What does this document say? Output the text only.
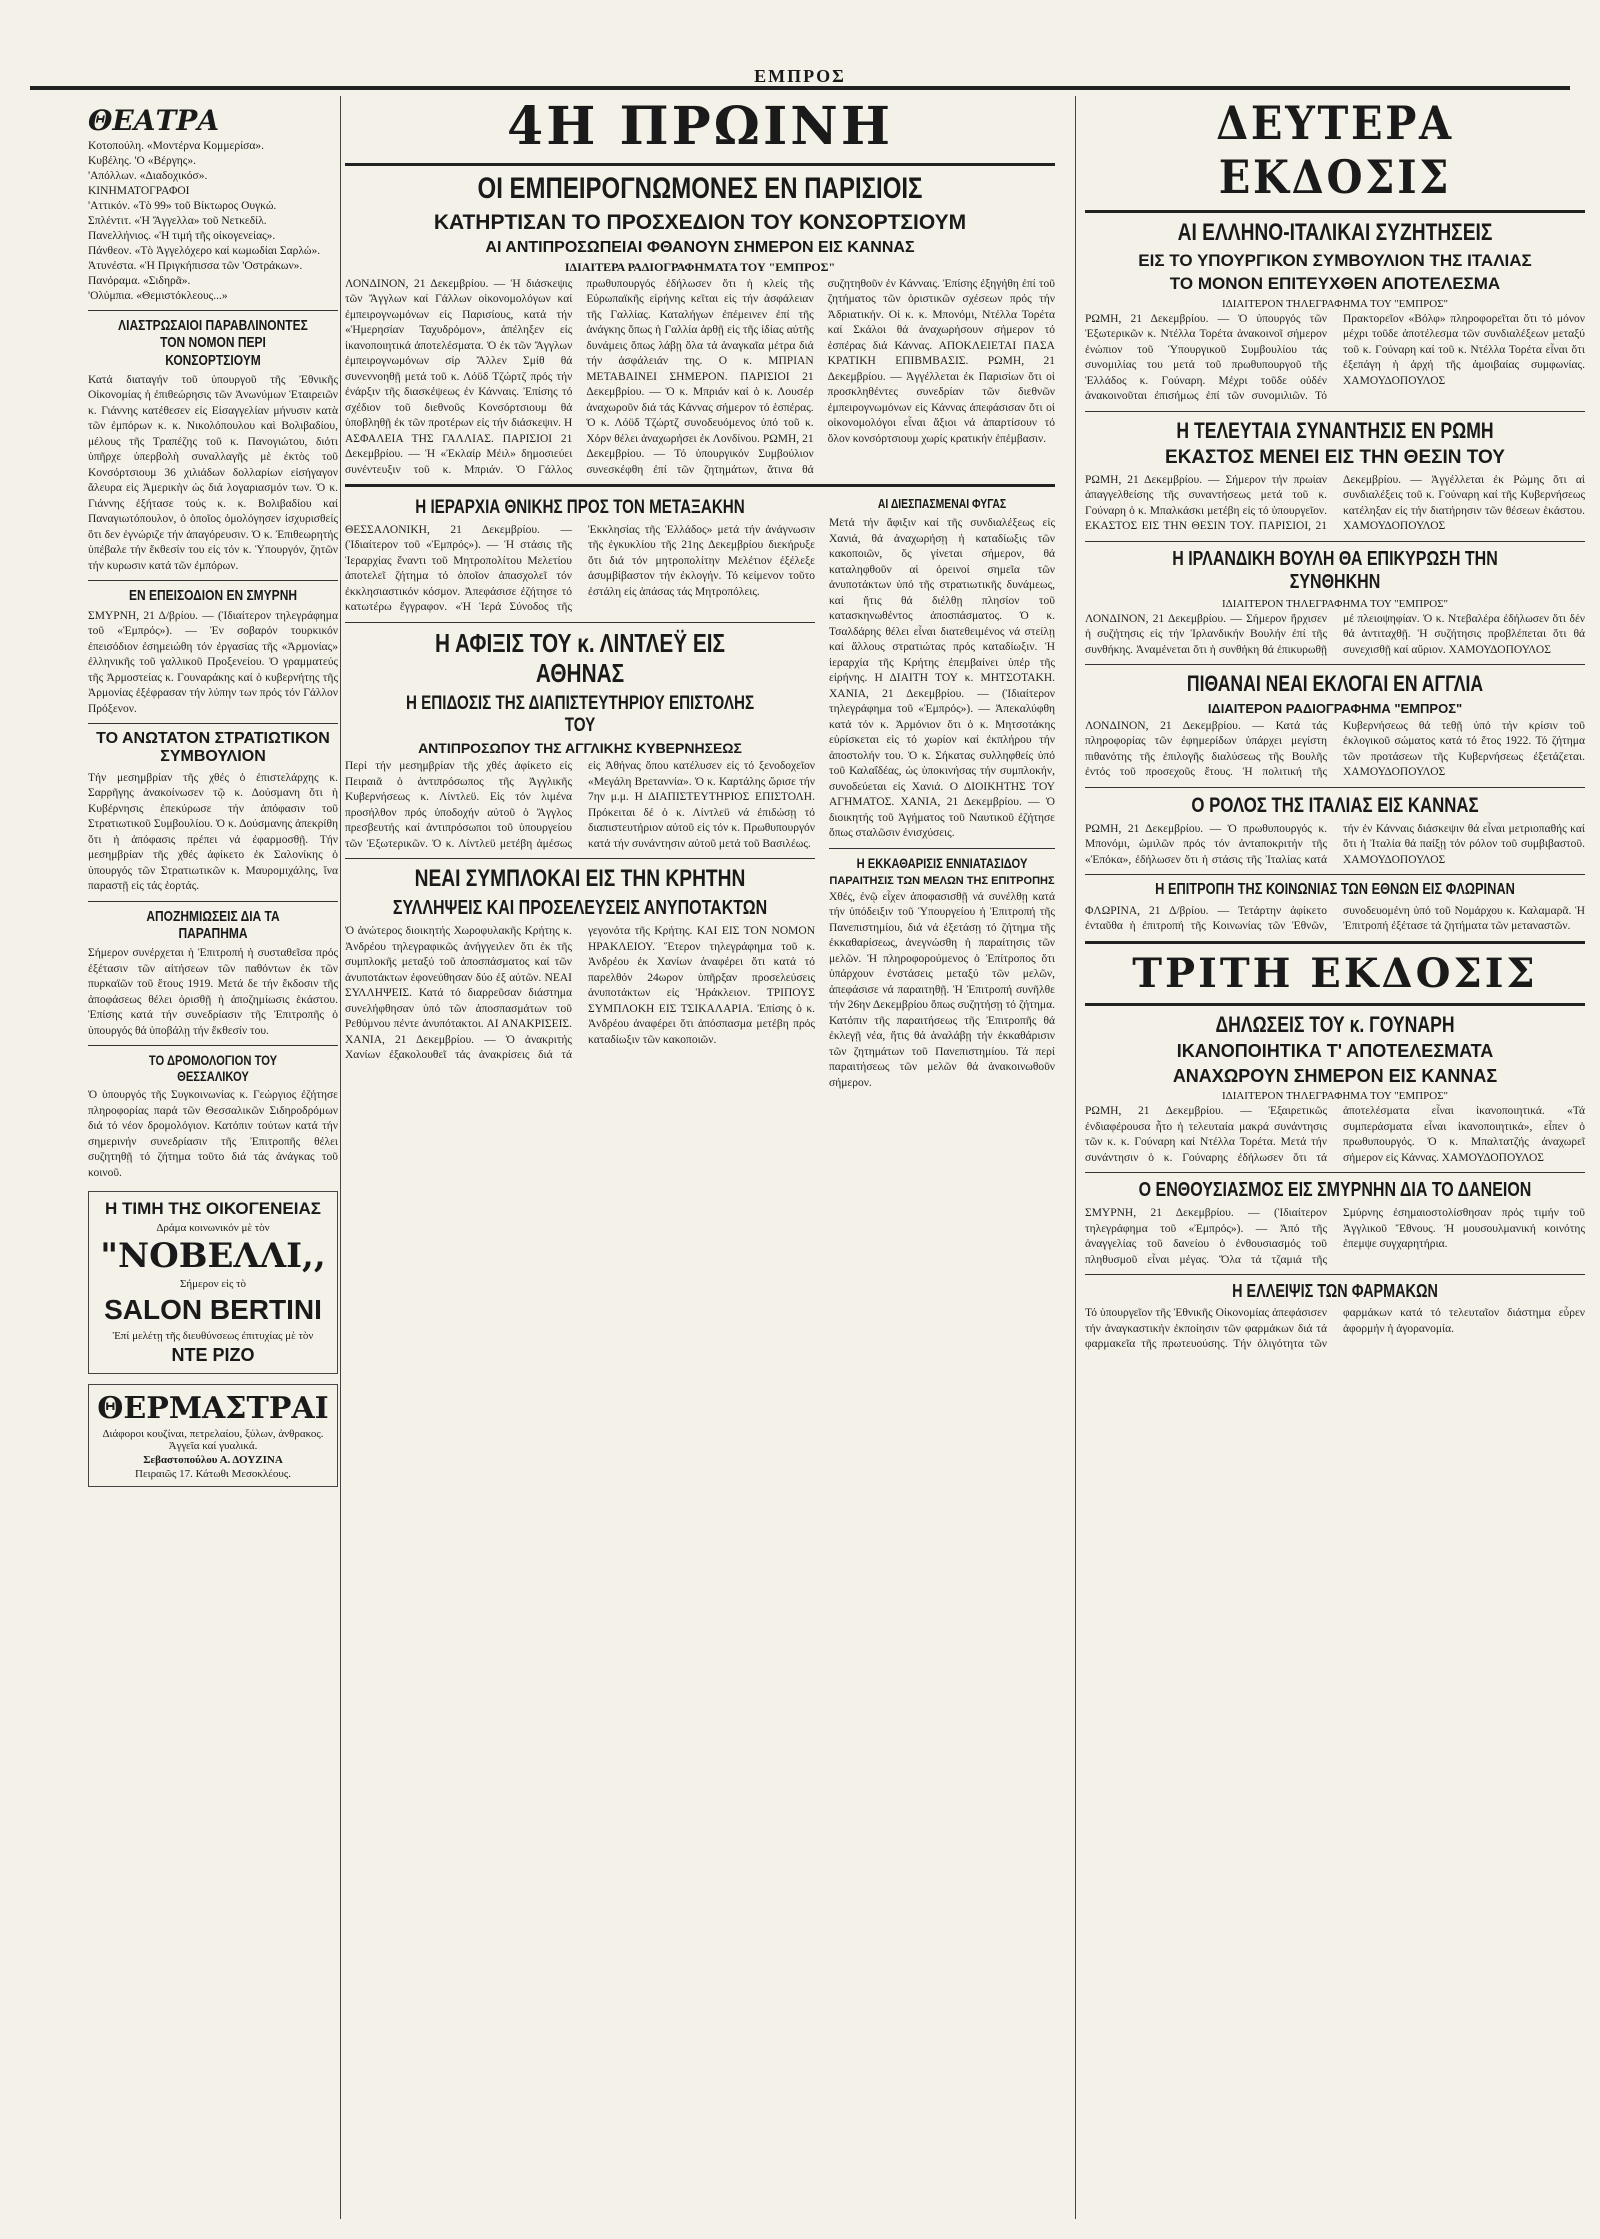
ΕΜΠΡΟΣ
ΘΕΑΤΡΑ

Κοτοπούλη. «Μοντέρνα Κομμερίσα».

Κυβέλης. 'Ο «Βέργης».

'Απόλλων. «Διαδοχικόσ».

ΚΙΝΗΜΑΤΟΓΡΑΦΟΙ

'Αττικόν. «Τὸ 99» τοῦ Βίκτωρος Ουγκώ.

Σπλέντιτ. «Ἡ Ἄγγελλα» τοῦ Νετκεδίλ.

Πανελλήνιος. «Ἡ τιμή τῆς οἰκογενείας».

Πάνθεον. «Τὸ Ἀγγελόχερο καί κωμωδίαι Σαρλώ».

Ἀτυνέστα. «Ἡ Πριγκήπισσα τῶν 'Οστράκων».

Πανόραμα. «Σιδηρᾶ».

'Ολύμπια. «Θεμιστόκλεους...»

ΛΙΑΣΤΡΩΣΑΙΟΙ ΠΑΡΑΒΛΙΝΟΝΤΕΣ ΤΟΝ ΝΟΜΟΝ ΠΕΡΙ ΚΟΝΣΟΡΤΣΙΟΥΜ

Κατά διαταγήν τοῦ ὑπουργοῦ τῆς Ἐθνικῆς Οἰκονομίας ἡ ἐπιθεώρησις τῶν Ἀνωνύμων Ἑταιρειῶν κ. Γιάννης κατέθεσεν εἰς Εἰσαγγελίαν μήνυσιν κατὰ τῶν ἐμπόρων κ. κ. Νικολόπουλου καὶ Βολιβαδίου, μέλους τῆς Τραπέζης τοῦ κ. Πανογιώτου, διότι ὑπῆρχε ὑπερβολὴ συναλλαγῆς μὲ ἐκτὸς τοῦ Κονσόρτσιουμ 36 χιλιάδων δολλαρίων εἰσήγαγον ἄλευρα εἰς Ἀμερικὴν ὡς διά λογαριασμόν των. Ὁ κ. Γιάννης ἐξήτασε τούς κ. κ. Βολιβαδίου καί Παναγιωτόπουλον, ὁ ὁποῖος ὁμολόγησεν ἰσχυρισθείς ὅτι δεν ἐγνώριζε τήν ἀπαγόρευσιν. Ὁ κ. Ἐπιθεωρητής ὑπέβαλε τήν ἔκθεσίν του εἰς τόν κ. Ὑπουργόν, ζητῶν τήν κυρωσιν κατά τῶν ἐμπόρων.

ΕΝ ΕΠΕΙΣΟΔΙΟΝ ΕΝ ΣΜΥΡΝΗ

ΣΜΥΡΝΗ, 21 Δ/βρίου. — (Ἰδιαίτερον τηλεγράφημα τοῦ «Ἐμπρός»). — Ἐν σοβαρόν τουρκικόν ἐπεισόδιον ἐσημειώθη τόν ἐργασίας τῆς «Ἀρμονίας» ἐλληνικῆς τοῦ γαλλικοῦ Προξενείου. Ὁ γραμματεύς τῆς Ἀρμοστείας κ. Γουναράκης καί ὁ κυβερνήτης τῆς Ἀρμονίας ἐξέφρασαν τήν λύπην των πρός τόν Γάλλον Πρόξενον.

ΤΟ ΑΝΩΤΑΤΟΝ ΣΤΡΑΤΙΩΤΙΚΟΝ ΣΥΜΒΟΥΛΙΟΝ

Τήν μεσημβρίαν τῆς χθές ὁ ἐπιστελάρχης κ. Σαρρῆγης ἀνακοίνωσεν τῷ κ. Δούσμανη ὅτι ἡ Κυβέρνησις ἐπεκύρωσε τήν ἀπόφασιν τοῦ Στρατιωτικοῦ Συμβουλίου. Ὁ κ. Δούσμανης ἀπεκρίθη ὅτι ἡ ἀπόφασις πρέπει νά ἐφαρμοσθῇ. Τήν μεσημβρίαν τῆς χθές ἀφίκετο ἐκ Σαλονίκης ὁ ὑπουργός τῶν Στρατιωτικῶν κ. Μαυρομιχάλης, ἵνα παραστῇ εἰς τάς ἑορτάς.

ΑΠΟΖΗΜΙΩΣΕΙΣ ΔΙΑ ΤΑ ΠΑΡΑΠΗΜΑ

Σήμερον συνέρχεται ἡ Ἐπιτροπή ἡ συσταθεῖσα πρός ἐξέτασιν τῶν αἰτήσεων τῶν παθόντων ἐκ τῶν πυρκαϊῶν τοῦ ἔτους 1919. Μετά δε τήν ἔκδοσιν τῆς ἀποφάσεως θέλει ὁρισθῇ ἡ ἀποζημίωσις ἑκάστου. Ἐπίσης κατά τήν συνεδρίασιν τῆς Ἐπιτροπῆς ὁ ὑπουργός θά ὑποβάλῃ τήν ἔκθεσίν του.

ΤΟ ΔΡΟΜΟΛΟΓΙΟΝ ΤΟΥ ΘΕΣΣΑΛΙΚΟΥ

Ὁ ὑπουργός τῆς Συγκοινωνίας κ. Γεώργιος ἐζήτησε πληροφορίας παρά τῶν Θεσσαλικῶν Σιδηροδρόμων διά τό νέον δρομολόγιον. Κατόπιν τούτων κατά τήν σημερινήν συνεδρίασιν τῆς Ἐπιτροπῆς θέλει συζητηθῇ τό ζήτημα τοῦτο διά τάς ἀνάγκας τοῦ κοινοῦ.

Η ΤΙΜΗ ΤΗΣ ΟΙΚΟΓΕΝΕΙΑΣ
Δράμα κοινωνικόν μὲ τὸν
"ΝΟΒΕΛΛΙ,,
Σήμερον εἰς τὸ
SALON BERTINI
Ἐπί μελέτῃ τῆς διευθύνσεως ἐπιτυχίας μὲ τὸν
ΝΤΕ ΡΙΖΟ
ΘΕΡΜΑΣΤΡΑΙ
Διάφοροι κουζίναι, πετρελαίου, ξύλων, ἀνθρακος. Ἀγγεῖα καί γυαλικά.
Σεβαστοπούλου Α. ΔΟΥΖΙΝΑ
Πειραιῶς 17. Κάτωθι Μεσοκλέους.
4Η ΠΡΩΙΝΗ
ΟΙ ΕΜΠΕΙΡΟΓΝΩΜΟΝΕΣ ΕΝ ΠΑΡΙΣΙΟΙΣ
ΚΑΤΗΡΤΙΣΑΝ ΤΟ ΠΡΟΣΧΕΔΙΟΝ ΤΟΥ ΚΟΝΣΟΡΤΣΙΟΥΜ
ΑΙ ΑΝΤΙΠΡΟΣΩΠΕΙΑΙ ΦΘΑΝΟΥΝ ΣΗΜΕΡΟΝ ΕΙΣ ΚΑΝΝΑΣ
ΙΔΙΑΙΤΕΡΑ ΡΑΔΙΟΓΡΑΦΗΜΑΤΑ ΤΟΥ "ΕΜΠΡΟΣ"

ΛΟΝΔΙΝΟΝ, 21 Δεκεμβρίου. — Ἡ διάσκεψις τῶν Ἄγγλων καί Γάλλων οἰκονομολόγων καί ἐμπειρογνωμόνων εἰς Παρισίους, κατά τήν «Ἡμερησίαν Ταχυδρόμον», ἀπέληξεν εἰς ἱκανοποιητικά ἀποτελέσματα. Ὁ ἐκ τῶν Ἄγγλων ἐμπειρογνωμόνων σίρ Ἄλλεν Σμίθ θά συνεννοηθῇ μετά τοῦ κ. Λόϋδ Τζώρτζ πρός τήν ἐνάρξιν τῆς διασκέψεως ἐν Κάνναις. Ἐπίσης τό σχέδιον τοῦ διεθνοῦς Κονσόρτσιουμ θά ὑποβληθῇ ἐκ τῶν προτέρων εἰς τήν διάσκεψιν. Η ΑΣΦΑΛΕΙΑ ΤΗΣ ΓΑΛΛΙΑΣ. ΠΑΡΙΣΙΟΙ 21 Δεκεμβρίου. — Ἡ «Ἐκλαίρ Μέιλ» δημοσιεύει συνέντευξιν τοῦ κ. Μπριάν. Ὁ Γάλλος πρωθυπουργός ἐδήλωσεν ὅτι ἡ κλείς τῆς Εὐρωπαϊκῆς εἰρήνης κεῖται εἰς τήν ἀσφάλειαν τῆς Γαλλίας. Καταλήγων ἐπέμεινεν ἐπί τῆς ἀνάγκης ὅπως ἡ Γαλλία ἀρθῇ εἰς τῆς ἰδίας αὐτῆς δυνάμεις ὅπως λάβῃ ὅλα τά ἀναγκαῖα μέτρα διά τήν ἀσφάλειάν της. Ο κ. ΜΠΡΙΑΝ ΜΕΤΑΒΑΙΝΕΙ ΣΗΜΕΡΟΝ. ΠΑΡΙΣΙΟΙ 21 Δεκεμβρίου. — Ὁ κ. Μπριάν καί ὁ κ. Λουσέρ ἀναχωροῦν διά τάς Κάννας σήμερον τό ἑσπέρας. Ὁ κ. Λόϋδ Τζώρτζ συνοδευόμενος ὑπό τοῦ κ. Χόρν θέλει ἀναχωρήσει ἐκ Λονδίνου. ΡΩΜΗ, 21 Δεκεμβρίου. — Τό ὑπουργικόν Συμβούλιον συνεσκέφθη ἐπί τῶν ζητημάτων, ἅτινα θά συζητηθοῦν ἐν Κάνναις. Ἐπίσης ἐξηγήθη ἐπί τοῦ ζητήματος τῶν ὁριστικῶν σχέσεων πρός τήν Ἀδριατικήν. Οἱ κ. κ. Μπονόμι, Ντέλλα Τορέτα καί Σκάλοι θά ἀναχωρήσουν σήμερον τό ἑσπέρας διά Κάννας. ΑΠΟΚΛΕΙΕΤΑΙ ΠΑΣΑ ΚΡΑΤΙΚΗ ΕΠΙΒΜΒΑΣΙΣ. ΡΩΜΗ, 21 Δεκεμβρίου. — Ἀγγέλλεται ἐκ Παρισίων ὅτι οἱ προσκληθέντες συνεδρίαν τῶν διεθνῶν ἐμπειρογνωμόνων εἰς Κάννας ἀπεφάσισαν ὅτι οἱ οἰκονομολόγοι εἶναι ἄξιοι νά ἀπαρτίσουν τό ὅλον κονσόρτσιουμ χωρίς κρατικήν ἐπέμβασιν.

Η ΙΕΡΑΡΧΙΑ ΘΝΙΚΗΣ ΠΡΟΣ ΤΟΝ ΜΕΤΑΞΑΚΗΝ

ΘΕΣΣΑΛΟΝΙΚΗ, 21 Δεκεμβρίου. — (Ἰδιαίτερον τοῦ «Ἐμπρός»). — Ἡ στάσις τῆς Ἱεραρχίας ἔναντι τοῦ Μητροπολίτου Μελετίου ἀποτελεῖ ζήτημα τό ὁποῖον ἀπασχολεῖ τόν ἐκκλησιαστικόν κόσμον. Ἀπεφάσισε ἐζήτησε τό κατωτέρω ἔγγραφον. «Ἡ Ἱερά Σύνοδος τῆς Ἐκκλησίας τῆς Ἑλλάδος» μετά τήν ἀνάγνωσιν τῆς ἐγκυκλίου τῆς 21ης Δεκεμβρίου διεκήρυξε ὅτι διά τόν μητροπολίτην Μελέτιον ἐξέλεξε ἀσυμβίβαστον τήν ἐκλογήν. Τό κείμενον τοῦτο ἐστάλη εἰς ἁπάσας τάς Μητροπόλεις.

Η ΑΦΙΞΙΣ ΤΟΥ κ. ΛΙΝΤΛΕΫ ΕΙΣ ΑΘΗΝΑΣ
Η ΕΠΙΔΟΣΙΣ ΤΗΣ ΔΙΑΠΙΣΤΕΥΤΗΡΙΟΥ ΕΠΙΣΤΟΛΗΣ ΤΟΥ
ΑΝΤΙΠΡΟΣΩΠΟΥ ΤΗΣ ΑΓΓΛΙΚΗΣ ΚΥΒΕΡΝΗΣΕΩΣ

Περί τήν μεσημβρίαν τῆς χθές ἀφίκετο εἰς Πειραιᾶ ὁ ἀντιπρόσωπος τῆς Ἀγγλικῆς Κυβερνήσεως κ. Λίντλεϋ. Εἰς τόν λιμένα προσήλθον πρός ὑποδοχήν αὐτοῦ ὁ Ἄγγλος πρεσβευτής καί ἀντιπρόσωποι τοῦ ὑπουργείου τῶν Ἐξωτερικῶν. Ὁ κ. Λίντλεϋ μετέβη ἀμέσως εἰς Ἀθήνας ὅπου κατέλυσεν εἰς τό ξενοδοχεῖον «Μεγάλη Βρεταννία». Ὁ κ. Καρτάλης ὥρισε τήν 7ην μ.μ. Η ΔΙΑΠΙΣΤΕΥΤΗΡΙΟΣ ΕΠΙΣΤΟΛΗ. Πρόκειται δέ ὁ κ. Λίντλεϋ νά ἐπιδώσῃ τό διαπιστευτήριον αὐτοῦ εἰς τόν κ. Πρωθυπουργόν κατά τήν συνάντησιν αὐτοῦ μετά τοῦ Βασιλέως.

ΝΕΑΙ ΣΥΜΠΛΟΚΑΙ ΕΙΣ ΤΗΝ ΚΡΗΤΗΝ
ΣΥΛΛΗΨΕΙΣ ΚΑΙ ΠΡΟΣΕΛΕΥΣΕΙΣ ΑΝΥΠΟΤΑΚΤΩΝ

Ὁ ἀνώτερος διοικητής Χωροφυλακῆς Κρήτης κ. Ἀνδρέου τηλεγραφικῶς ἀνήγγειλεν ὅτι ἐκ τῆς συμπλοκῆς μεταξύ τοῦ ἀποσπάσματος καί τῶν ἀνυποτάκτων ἐφονεύθησαν δύο ἐξ αὐτῶν. ΝΕΑΙ ΣΥΛΛΗΨΕΙΣ. Κατά τό διαρρεῦσαν διάστημα συνελήφθησαν ὑπό τῶν ἀποσπασμάτων τοῦ Ρεθύμνου πέντε ἀνυπότακτοι. ΑΙ ΑΝΑΚΡΙΣΕΙΣ. ΧΑΝΙΑ, 21 Δεκεμβρίου. — Ὁ ἀνακριτής Χανίων ἐξακολουθεῖ τάς ἀνακρίσεις διά τά γεγονότα τῆς Κρήτης. ΚΑΙ ΕΙΣ ΤΟΝ ΝΟΜΟΝ ΗΡΑΚΛΕΙΟΥ. Ἕτερον τηλεγράφημα τοῦ κ. Ἀνδρέου ἐκ Χανίων ἀναφέρει ὅτι κατά τό παρελθόν 24ωρον ὑπῆρξαν προσελεύσεις ἀνυποτάκτων εἰς Ἡράκλειον. ΤΡΙΠΟΥΣ ΣΥΜΠΛΟΚΗ ΕΙΣ ΤΣΙΚΑΛΑΡΙΑ. Ἐπίσης ὁ κ. Ἀνδρέου ἀναφέρει ὅτι ἀπόσπασμα μετέβη πρός καταδίωξιν τῶν κακοποιῶν.

ΑΙ ΔΙΕΣΠΑΣΜΕΝΑΙ ΦΥΓΑΣ

Μετά τήν ἄφιξιν καί τῆς συνδιαλέξεως εἰς Χανιά, θά ἀναχωρήσῃ ἡ καταδίωξις τῶν κακοποιῶν, ὅς γίνεται σήμερον, θά καταληφθοῦν αἱ ὀρεινοί σημεῖα τῶν ἀνυποτάκτων ὑπό τῆς στρατιωτικῆς δυνάμεως, καί ἤτις θά διέλθῃ πλησίον τοῦ κατασκηνωθέντος ἀποσπάσματος. Ὁ κ. Τσαλδάρης θέλει εἶναι διατεθειμένος νά στείλῃ καί ἄλλους στρατιώτας πρός καταδίωξιν. Ἡ ἱεραρχία τῆς Κρήτης ἐπεμβαίνει ὑπέρ τῆς εἰρήνης. Η ΔΙΑΙΤΗ ΤΟΥ κ. ΜΗΤΣΟΤΑΚΗ. ΧΑΝΙΑ, 21 Δεκεμβρίου. — (Ἰδιαίτερον τηλεγράφημα τοῦ «Ἐμπρός»). — Ἀπεκαλύφθη κατά τόν κ. Ἀρμόνιον ὅτι ὁ κ. Μητσοτάκης εὑρίσκεται εἰς τό χωρίον καί ἐκπλήρου τήν ἀποστολήν του. Ὁ κ. Σήκατας συλληφθείς ὑπό τοῦ Καλαΐδέας, ὡς ὑποκινήσας τήν συμπλοκήν, συνοδεύεται εἰς Χανιά. Ο ΔΙΟΙΚΗΤΗΣ ΤΟΥ ΑΓΗΜΑΤΟΣ. ΧΑΝΙΑ, 21 Δεκεμβρίου. — Ὁ διοικητής τοῦ Ἀγήματος τοῦ Ναυτικοῦ ἐζήτησε ὅπως σταλῶσιν ἐνισχύσεις.

Η ΕΚΚΑΘΑΡΙΣΙΣ ΕΝΝΙΑΤΑΣΙΔΟΥ
ΠΑΡΑΙΤΗΣΙΣ ΤΩΝ ΜΕΛΩΝ ΤΗΣ ΕΠΙΤΡΟΠΗΣ

Χθές, ἐνῷ εἶχεν ἀποφασισθῇ νά συνέλθῃ κατά τήν ὑπόδειξιν τοῦ Ὑπουργείου ἡ Ἐπιτροπή τῆς Πανεπιστημίου, διά νά ἐξετάσῃ τό ζήτημα τῆς ἐκκαθαρίσεως, ἀνεγνώσθη ἡ παραίτησις τῶν μελῶν. Ἡ πληροφορούμενος ὁ Ἐπίτροπος ὅτι ὑπάρχουν ἐνστάσεις μεταξύ τῶν μελῶν, ἀπεφάσισε νά παραιτηθῇ. Ἡ Ἐπιτροπή συνῆλθε τήν 26ην Δεκεμβρίου ὅπως συζητήσῃ τό ζήτημα. Κατόπιν τῆς παραιτήσεως τῆς Ἐπιτροπῆς θά ἐκλεγῇ νέα, ἥτις θά ἀναλάβῃ τήν ἐκκαθάρισιν τῶν ζητημάτων τοῦ Πανεπιστημίου. Τά περί παραιτήσεως τῶν μελῶν θά ἀνακοινωθοῦν σήμερον.

ΔΕΥΤΕΡΑ ΕΚΔΟΣΙΣ
ΑΙ ΕΛΛΗΝΟ-ΙΤΑΛΙΚΑΙ ΣΥΖΗΤΗΣΕΙΣ
ΕΙΣ ΤΟ ΥΠΟΥΡΓΙΚΟΝ ΣΥΜΒΟΥΛΙΟΝ ΤΗΣ ΙΤΑΛΙΑΣ
ΤΟ ΜΟΝΟΝ ΕΠΙΤΕΥΧΘΕΝ ΑΠΟΤΕΛΕΣΜΑ
ΙΔΙΑΙΤΕΡΟΝ ΤΗΛΕΓΡΑΦΗΜΑ ΤΟΥ "ΕΜΠΡΟΣ"

ΡΩΜΗ, 21 Δεκεμβρίου. — Ὁ ὑπουργός τῶν Ἐξωτερικῶν κ. Ντέλλα Τορέτα ἀνακοινοῖ σήμερον ἐνώπιον τοῦ Ὑπουργικοῦ Συμβουλίου τάς συνομιλίας του μετά τοῦ πρωθυπουργοῦ τῆς Ἑλλάδος κ. Γούναρη. Μέχρι τοῦδε οὐδέν ἀνακοινοῦται ἐπισήμως ἐπί τῶν συνομιλιῶν. Τό Πρακτορεῖον «Βόλφ» πληροφορεῖται ὅτι τό μόνον μέχρι τοῦδε ἀποτέλεσμα τῶν συνδιαλέξεων μεταξύ τοῦ κ. Γούναρη καί τοῦ κ. Ντέλλα Τορέτα εἶναι ὅτι ἐξεπάγη ἡ ἀρχή τῆς ἀμοιβαίας συμφωνίας. ΧΑΜΟΥΔΟΠΟΥΛΟΣ

Η ΤΕΛΕΥΤΑΙΑ ΣΥΝΑΝΤΗΣΙΣ ΕΝ ΡΩΜΗ
ΕΚΑΣΤΟΣ ΜΕΝΕΙ ΕΙΣ ΤΗΝ ΘΕΣΙΝ ΤΟΥ

ΡΩΜΗ, 21 Δεκεμβρίου. — Σήμερον τήν πρωίαν ἀπαγγελθείσης τῆς συναντήσεως μετά τοῦ κ. Γούναρη ὁ κ. Μπαλκάσκι μετέβη εἰς τό ὑπουργεῖον. ΕΚΑΣΤΟΣ ΕΙΣ ΤΗΝ ΘΕΣΙΝ ΤΟΥ. ΠΑΡΙΣΙΟΙ, 21 Δεκεμβρίου. — Ἀγγέλλεται ἐκ Ρώμης ὅτι αἱ συνδιαλέξεις τοῦ κ. Γούναρη καί τῆς Κυβερνήσεως κατέληξαν εἰς τήν διατήρησιν τῶν θέσεων ἑκάστου. ΧΑΜΟΥΔΟΠΟΥΛΟΣ

Η ΙΡΛΑΝΔΙΚΗ ΒΟΥΛΗ ΘΑ ΕΠΙΚΥΡΩΣΗ ΤΗΝ ΣΥΝΘΗΚΗΝ
ΙΔΙΑΙΤΕΡΟΝ ΤΗΛΕΓΡΑΦΗΜΑ ΤΟΥ "ΕΜΠΡΟΣ"

ΛΟΝΔΙΝΟΝ, 21 Δεκεμβρίου. — Σήμερον ἤρχισεν ἡ συζήτησις εἰς τήν Ἰρλανδικήν Βουλήν ἐπί τῆς συνθήκης. Ἀναμένεται ὅτι ἡ συνθήκη θά ἐπικυρωθῇ μέ πλειοψηφίαν. Ὁ κ. Ντεβαλέρα ἐδήλωσεν ὅτι δέν θά ἀντιταχθῇ. Ἡ συζήτησις προβλέπεται ὅτι θά συνεχισθῇ καί αὔριον. ΧΑΜΟΥΔΟΠΟΥΛΟΣ

ΠΙΘΑΝΑΙ ΝΕΑΙ ΕΚΛΟΓΑΙ ΕΝ ΑΓΓΛΙΑ
ΙΔΙΑΙΤΕΡΟΝ ΡΑΔΙΟΓΡΑΦΗΜΑ "ΕΜΠΡΟΣ"

ΛΟΝΔΙΝΟΝ, 21 Δεκεμβρίου. — Κατά τάς πληροφορίας τῶν ἐφημερίδων ὑπάρχει μεγίστη πιθανότης τῆς ἐπιλογῆς διαλύσεως τῆς Βουλῆς ἐντός τοῦ προσεχοῦς ἔτους. Ἡ πολιτική τῆς Κυβερνήσεως θά τεθῇ ὑπό τήν κρίσιν τοῦ ἐκλογικοῦ σώματος κατά τό ἔτος 1922. Τό ζήτημα τῶν προτάσεων τῆς Κυβερνήσεως ἐξετάζεται. ΧΑΜΟΥΔΟΠΟΥΛΟΣ

Ο ΡΟΛΟΣ ΤΗΣ ΙΤΑΛΙΑΣ ΕΙΣ ΚΑΝΝΑΣ

ΡΩΜΗ, 21 Δεκεμβρίου. — Ὁ πρωθυπουργός κ. Μπονόμι, ὡμιλῶν πρός τόν ἀνταποκριτήν τῆς «Ἐπόκα», ἐδήλωσεν ὅτι ἡ στάσις τῆς Ἰταλίας κατά τήν ἐν Κάνναις διάσκεψιν θά εἶναι μετριοπαθής καί ὅτι ἡ Ἰταλία θά παίξῃ τόν ρόλον τοῦ συμβιβαστοῦ. ΧΑΜΟΥΔΟΠΟΥΛΟΣ

Η ΕΠΙΤΡΟΠΗ ΤΗΣ ΚΟΙΝΩΝΙΑΣ ΤΩΝ ΕΘΝΩΝ ΕΙΣ ΦΛΩΡΙΝΑΝ

ΦΛΩΡΙΝΑ, 21 Δ/βρίου. — Τετάρτην ἀφίκετο ἐνταῦθα ἡ ἐπιτροπή τῆς Κοινωνίας τῶν Ἐθνῶν, συνοδευομένη ὑπό τοῦ Νομάρχου κ. Καλαμαρᾶ. Ἡ Ἐπιτροπή ἐξέτασε τά ζητήματα τῶν μεταναστῶν.

ΤΡΙΤΗ ΕΚΔΟΣΙΣ
ΔΗΛΩΣΕΙΣ ΤΟΥ κ. ΓΟΥΝΑΡΗ
ΙΚΑΝΟΠΟΙΗΤΙΚΑ Τ' ΑΠΟΤΕΛΕΣΜΑΤΑ
ΑΝΑΧΩΡΟΥΝ ΣΗΜΕΡΟΝ ΕΙΣ ΚΑΝΝΑΣ
ΙΔΙΑΙΤΕΡΟΝ ΤΗΛΕΓΡΑΦΗΜΑ ΤΟΥ "ΕΜΠΡΟΣ"

ΡΩΜΗ, 21 Δεκεμβρίου. — Ἐξαιρετικῶς ἐνδιαφέρουσα ἦτο ἡ τελευταία μακρά συνάντησις τῶν κ. κ. Γούναρη καί Ντέλλα Τορέτα. Μετά τήν συνάντησιν ὁ κ. Γούναρης ἐδήλωσεν ὅτι τά ἀποτελέσματα εἶναι ἱκανοποιητικά. «Τά συμπεράσματα εἶναι ἱκανοποιητικά», εἶπεν ὁ πρωθυπουργός. Ὁ κ. Μπαλτατζής ἀναχωρεῖ σήμερον εἰς Κάννας. ΧΑΜΟΥΔΟΠΟΥΛΟΣ

Ο ΕΝΘΟΥΣΙΑΣΜΟΣ ΕΙΣ ΣΜΥΡΝΗΝ ΔΙΑ ΤΟ ΔΑΝΕΙΟΝ

ΣΜΥΡΝΗ, 21 Δεκεμβρίου. — (Ἰδιαίτερον τηλεγράφημα τοῦ «Ἐμπρός»). — Ἀπό τῆς ἀναγγελίας τοῦ δανείου ὁ ἐνθουσιασμός τοῦ πληθυσμοῦ εἶναι μέγας. Ὅλα τά τζαμιά τῆς Σμύρνης ἐσημαιοστολίσθησαν πρός τιμήν τοῦ Ἀγγλικοῦ Ἔθνους. Ἡ μουσουλμανική κοινότης ἐπεμψε συγχαρητήρια.

Η ΕΛΛΕΙΨΙΣ ΤΩΝ ΦΑΡΜΑΚΩΝ

Τό ὑπουργεῖον τῆς Ἐθνικῆς Οἰκονομίας ἀπεφάσισεν τήν ἀναγκαστικήν ἐκποίησιν τῶν φαρμάκων διά τά φαρμακεῖα τῆς πρωτευούσης. Τήν ὀλιγότητα τῶν φαρμάκων κατά τό τελευταῖον διάστημα εὗρεν ἀφορμήν ἡ ἀγορανομία.
